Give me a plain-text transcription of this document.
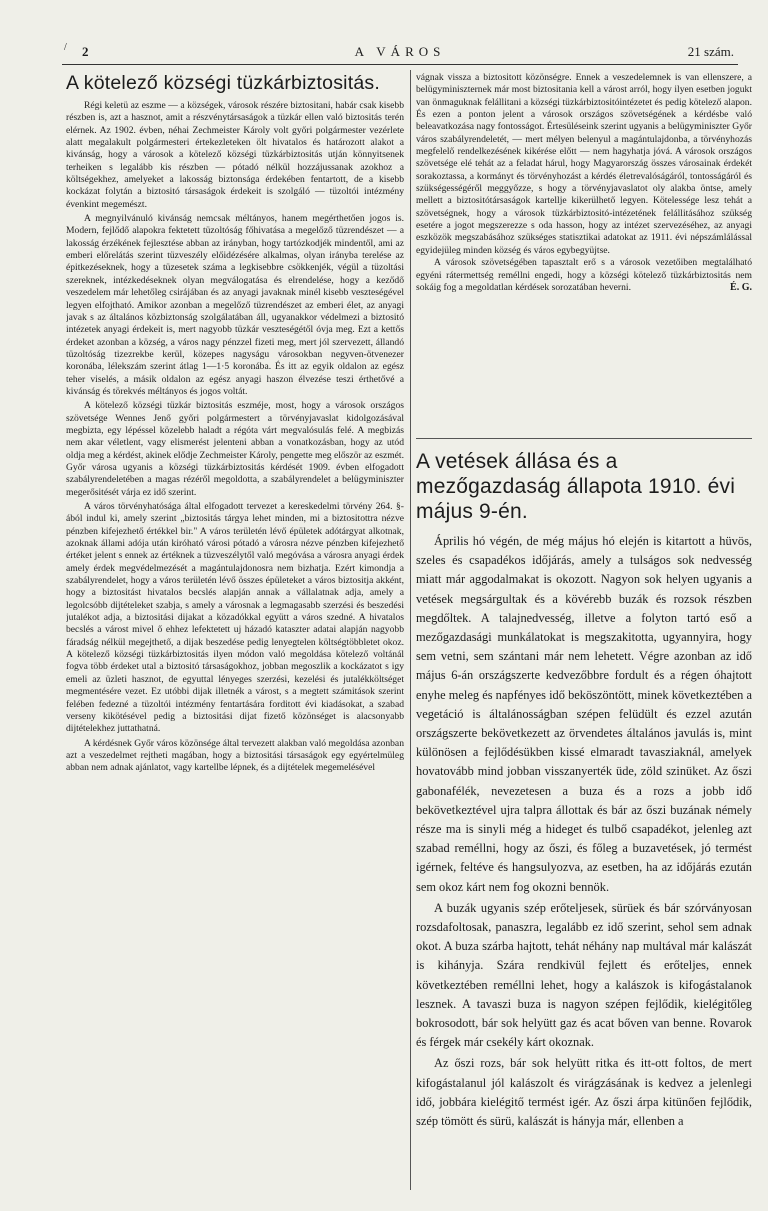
/ 2	A VÁROS	21 szám.
A kötelező községi tüzkárbiztositás.

Régi keletü az eszme — a községek, városok részére biztositani, habár csak kisebb részben is, azt a hasznot, amit a részvénytársaságok a tüzkár ellen való biztositás terén elérnek. Az 1902. évben, néhai Zechmeister Károly volt győri polgármester vezérlete alatt megalakult polgármesteri értekezleteken ölt hivatalos és határozott alakot a kivánság, hogy a városok a kötelező községi tüzkárbiztositás utján könnyitsenek terheiken s legalább kis részben — pótadó nélkül hozzájussanak azokhoz a költségekhez, amelyeket a lakosság biztonsága érdekében fentartott, de a kisebb kockázat folytán a biztositó társaságok érdekeit is szolgáló — tüzoltói intézmény évenkint megemészt.

A megnyilvánuló kivánság nemcsak méltányos, hanem megérthetően jogos is. Modern, fejlődő alapokra fektetett tüzoltóság főhivatása a megelőző tüzrendészet — a lakosság érzékének fejlesztése abban az irányban, hogy tartózkodjék mindentől, ami az emberi előrelátás szerint tüzveszély előidézésére alkalmas, olyan irányba terelése az épitkezéseknek, hogy a tüzesetek száma a legkisebbre csökkenjék, végül a tüzoltási szereknek, intézkedéseknek olyan megválogatása és elrendelése, hogy a keződő veszedelem már lehetőleg csirájában és az anyagi javaknak minél kisebb veszteségével legyen elfojtható. Amikor azonban a megelőző tüzrendészet az emberi élet, az anyagi javak s az általános közbiztonság szolgálatában áll, ugyanakkor védelmezi a biztositó intézetek anyagi érdekeit is, mert nagyobb tüzkár veszteségétől óvja meg. Ezt a kettős érdeket azonban a község, a város nagy pénzzel fizeti meg, mert jól szervezett, állandó tüzoltóság tizezrekbe kerül, közepes nagyságu városokban negyven-ötvenezer koronába, lélekszám szerint átlag 1—1·5 koronába. És itt az egyik oldalon az egész teher viselés, a másik oldalon az egész anyagi haszon élvezése teszi érthetővé a kivánság és törekvés méltányos és jogos voltát.

A kötelező községi tüzkár biztositás eszméje, most, hogy a városok országos szövetsége Wennes Jenő győri polgármestert a törvényjavaslat kidolgozásával megbizta, egy lépéssel közelebb haladt a régóta várt megvalósulás felé. A megbizás nem akar véletlent, vagy elismerést jelenteni abban a vonatkozásban, hogy az utód oldja meg a kérdést, akinek elődje Zechmeister Károly, pengette meg először az eszmét. Győr városa ugyanis a községi tüzkárbiztositás kérdését 1909. évben elfogadott szabályrendeletében a magas rézéről megoldotta, a szabályrendelet a belügyminiszter megerősitését várja ez idő szerint.

A város törvényhatósága által elfogadott tervezet a kereskedelmi törvény 264. §-ából indul ki, amely szerint „biztositás tárgya lehet minden, mi a biztositottra nézve pénzben kifejezhető értékkel bir." A város területén lévő épületek adótárgyat alkotnak, azoknak állami adója után kiróható városi pótadó a városra nézve pénzben kifejezhető értéket jelent s ennek az értéknek a tüzveszélytől való megóvása a városra anyagi érdek amely érdek megvédelmezését a magántulajdonosra nem bizhatja. Ezért kimondja a szabályrendelet, hogy a város területén lévő összes épületeket a város biztositja akként, hogy a biztositást hivatalos becslés alapján annak a vállalatnak adja, amely a legolcsóbb dijtételeket szabja, s amely a városnak a legmagasabb szerzési és beszedési jutalékot adja, a biztositási dijakat a közadókkal együtt a város szedné. A hivatalos becslés a várost mivel ő ehhez lefektetett uj házadó kataszter adatai alapján nagyobb fáradság nélkül megejthető, a dijak beszedése pedig lenyegtelen költségtöbbletet okoz. A kötelező községi tüzkárbiztositás ilyen módon való megoldása kötelező voltánál fogva több érdeket utal a biztositó társaságokhoz, jobban megoszlik a kockázatot s igy emeli az üzleti hasznot, de egyuttal lényeges szerzési, kezelési és jutalékköltséget megmentésére vezet. Ez utóbbi dijak illetnék a várost, s a megtett számitások szerint felében fedezné a tüzoltói intézmény fentartására forditott évi kiadásokat, a szabad verseny kikötésével pedig a biztositási dijat fizető közönséget is alacsonyabb dijtételekhez juttathatná.

A kérdésnek Győr város közönsége által tervezett alakban való megoldása azonban azt a veszedelmet rejtheti magában, hogy a biztositási társaságok egy egyértelmüleg abban nem adnak ajánlatot, vagy kartellbe lépnek, és a dijtételek megemelésével

vágnak vissza a biztositott közönségre. Ennek a veszedelemnek is van ellenszere, a belügyminiszternek már most biztositania kell a várost arról, hogy ilyen esetben jogukt van önmaguknak felállitani a községi tüzkárbiztositóintézetet és pedig kötelező alapon. És ezen a ponton jelent a városok országos szövetségének a kérdésbe való beleavatkozása nagy fontosságot. Értesüléseink szerint ugyanis a belügyminiszter Győr város szabályrendeletét, — mert mélyen belenyul a magántulajdonba, a törvényhozás megfelelő rendelkezésének kikérése előtt — nem hagyhatja jóvá. A városok országos szövetsége elé tehát az a feladat hárul, hogy Magyarország összes városainak érdekét sorakoztassa, a kormányt és törvényhozást a kérdés életrevalóságáról, tontosságáról és szükségességéről meggyőzze, s hogy a törvényjavaslatot oly alakba öntse, amely mellett a biztositótársaságok kartellje kikerülhető legyen. Kötelessége lesz tehát a szövetségnek, hogy a városok tüzkárbiztositó-intézetének felállitásához szükség esetére a jogot megszerezze s oda hasson, hogy az intézet szervezéséhez, az anyagi eszközök megszabásához szükséges statisztikai adatokat az 1911. évi népszámlálással egyidejüleg minden község és város egybegyüjtse.

A városok szövetségében tapasztalt erő s a városok vezetőiben megtalálható egyéni rátermettség reméllni engedi, hogy a községi kötelező tüzkárbiztositás nem sokáig fog a megoldatlan kérdések sorozatában heverni.	É. G.
A vetések állása és a mezőgazdaság állapota 1910. évi május 9-én.

Április hó végén, de még május hó elején is kitartott a hüvös, szeles és csapadékos időjárás, amely a tulságos sok nedvesség miatt már aggodalmakat is okozott. Nagyon sok helyen ugyanis a vetések megsárgultak és a kövérebb buzák és rozsok részben megdőltek. A talajnedvesség, illetve a folyton tartó eső a mezőgazdasági munkálatokat is megszakitotta, ugyannyira, hogy sem vetni, sem szántani már nem lehetett. Végre azonban az idő május 6-án országszerte kedvezőbbre fordult és a régen óhajtott enyhe meleg és napfényes idő beköszöntött, minek következtében a vegetáció is általánosságban szépen felüdült és ezzel azután országszerte bekövetkezett az örvendetes általános javulás is, mint különösen a fejlődésükben kissé elmaradt tavasziaknál, amelyek hovatovább mind jobban visszanyerték üde, zöld szinüket. Az őszi gabonafélék, nevezetesen a buza és a rozs a jobb idő bekövetkeztével ujra talpra állottak és bár az őszi buzának némely része ma is sinyli még a hideget és tulbő csapadékot, jelenleg azt szabad reméllni, hogy az őszi, és főleg a buzavetések, jó termést igérnek, feltéve és hangsulyozva, az esetben, ha az időjárás ezután sem okoz kárt nem fog okozni bennök.

A buzák ugyanis szép erőteljesek, sürüek és bár szórványosan rozsdafoltosak, panaszra, legalább ez idő szerint, sehol sem adnak okot. A buza szárba hajtott, tehát néhány nap multával már kalászát is kihányja. Szára rendkivül fejlett és erőteljes, ennek következtében reméllni lehet, hogy a kalászok is kifogástalanok lesznek. A tavaszi buza is nagyon szépen fejlődik, kielégitőleg bokrosodott, bár sok helyütt gaz és acat bőven van benne. Rovarok és férgek már csekély kárt okoznak.

Az őszi rozs, bár sok helyütt ritka és itt-ott foltos, de mert kifogástalanul jól kalászolt és virágzásának is kedvez a jelenlegi idő, jobbára kielégitő termést igér. Az őszi árpa kitünően fejlődik, szép tömött és sürü, kalászát is hányja már, ellenben a
